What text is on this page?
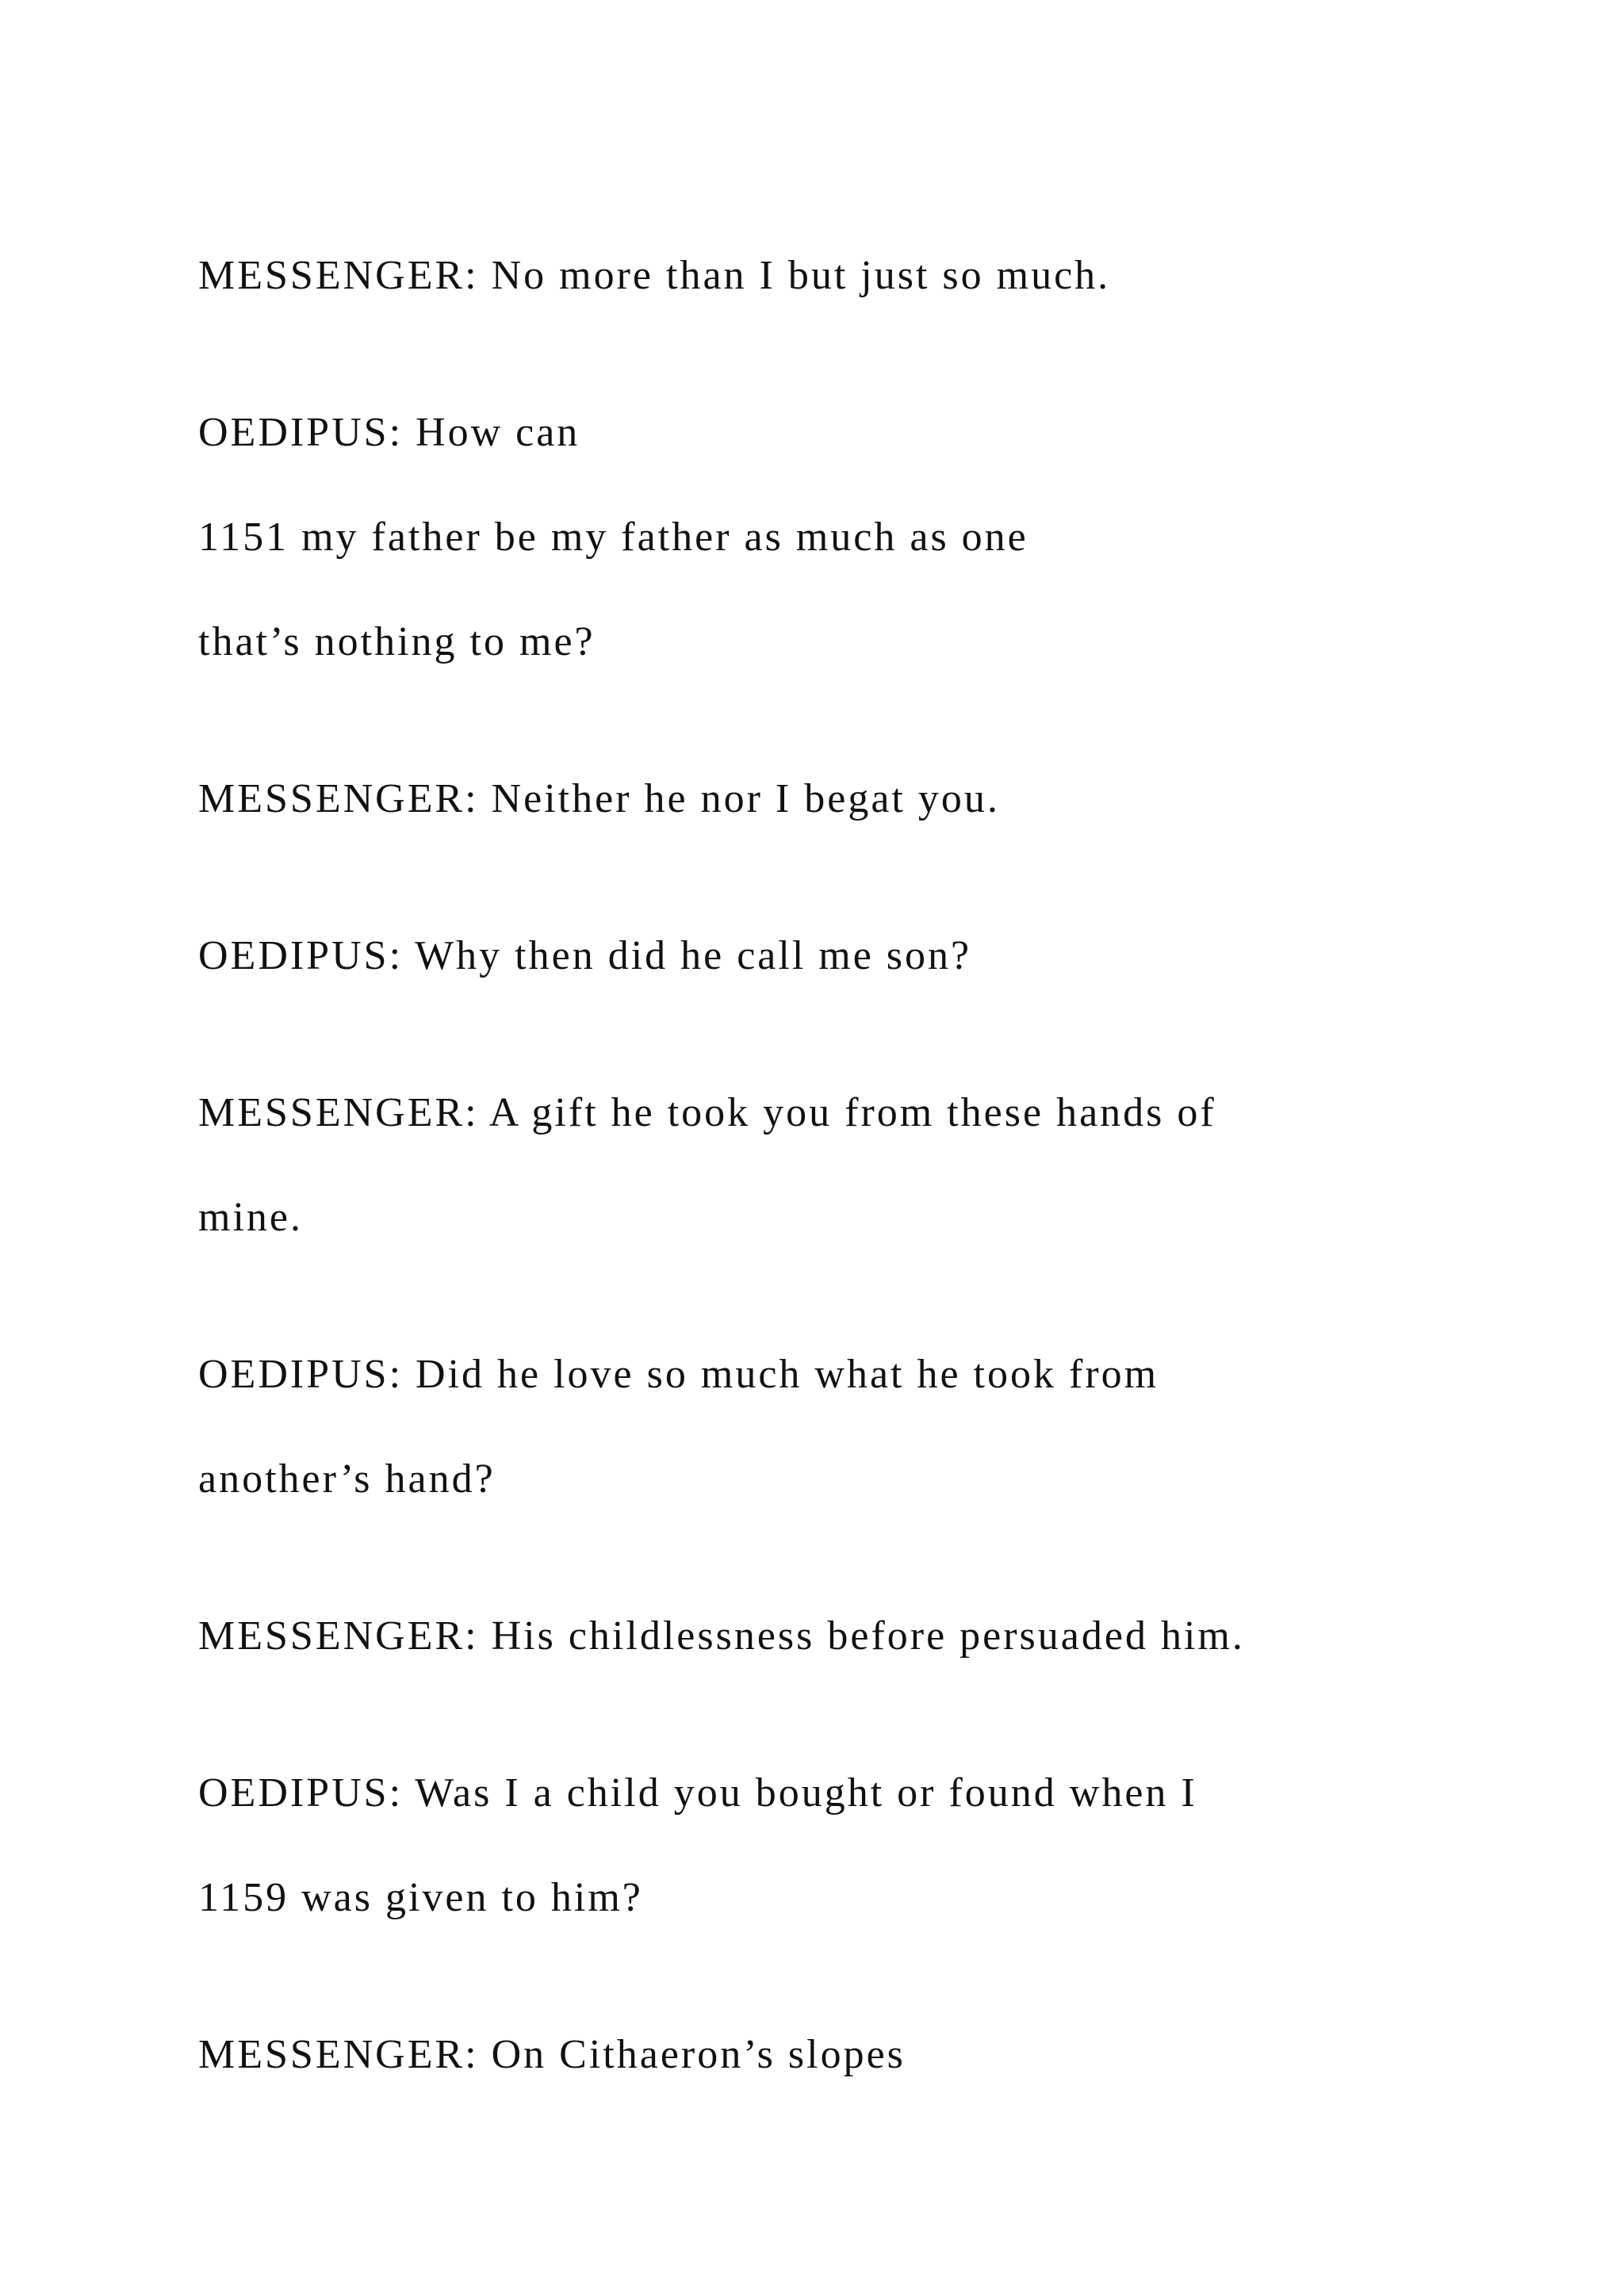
MESSENGER: No more than I but just so much.
OEDIPUS: How can
1151 my father be my father as much as one
that’s nothing to me?
MESSENGER: Neither he nor I begat you.
OEDIPUS: Why then did he call me son?
MESSENGER: A gift he took you from these hands of
mine.
OEDIPUS: Did he love so much what he took from
another’s hand?
MESSENGER: His childlessness before persuaded him.
OEDIPUS: Was I a child you bought or found when I
1159 was given to him?
MESSENGER: On Cithaeron’s slopes
